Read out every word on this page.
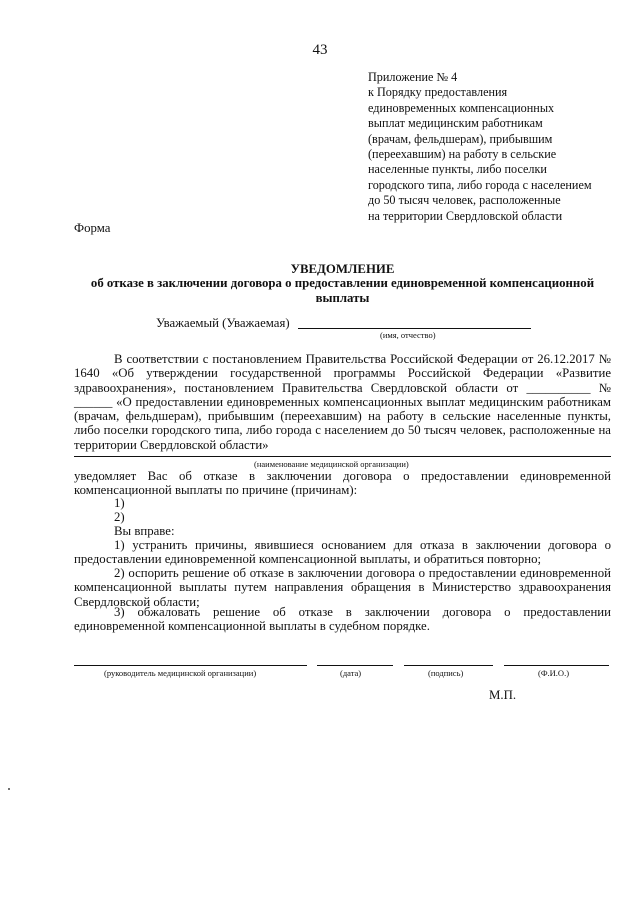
43
Приложение № 4
к Порядку предоставления
единовременных компенсационных
выплат медицинским работникам
(врачам, фельдшерам), прибывшим
(переехавшим) на работу в сельские
населенные пункты, либо поселки
городского типа, либо города с населением
до 50 тысяч человек, расположенные
на территории Свердловской области
Форма
УВЕДОМЛЕНИЕ
об отказе в заключении договора о предоставлении единовременной компенсационной выплаты
Уважаемый (Уважаемая)
(имя, отчество)
В соответствии с постановлением Правительства Российской Федерации от 26.12.2017 № 1640 «Об утверждении государственной программы Российской Федерации «Развитие здравоохранения», постановлением Правительства Свердловской области от __________ № ______ «О предоставлении единовременных компенсационных выплат медицинским работникам (врачам, фельдшерам), прибывшим (переехавшим) на работу в сельские населенные пункты, либо поселки городского типа, либо города с населением до 50 тысяч человек, расположенные на территории Свердловской области»
(наименование медицинской организации)
уведомляет Вас об отказе в заключении договора о предоставлении единовременной компенсационной выплаты по причине (причинам):
1)
2)
Вы вправе:
1) устранить причины, явившиеся основанием для отказа в заключении договора о предоставлении единовременной компенсационной выплаты, и обратиться повторно;
2) оспорить решение об отказе в заключении договора о предоставлении единовременной компенсационной выплаты путем направления обращения в Министерство здравоохранения Свердловской области;
3) обжаловать решение об отказе в заключении договора о предоставлении единовременной компенсационной выплаты в судебном порядке.
(руководитель медицинской организации)	(дата)	(подпись)	(Ф.И.О.)
М.П.
